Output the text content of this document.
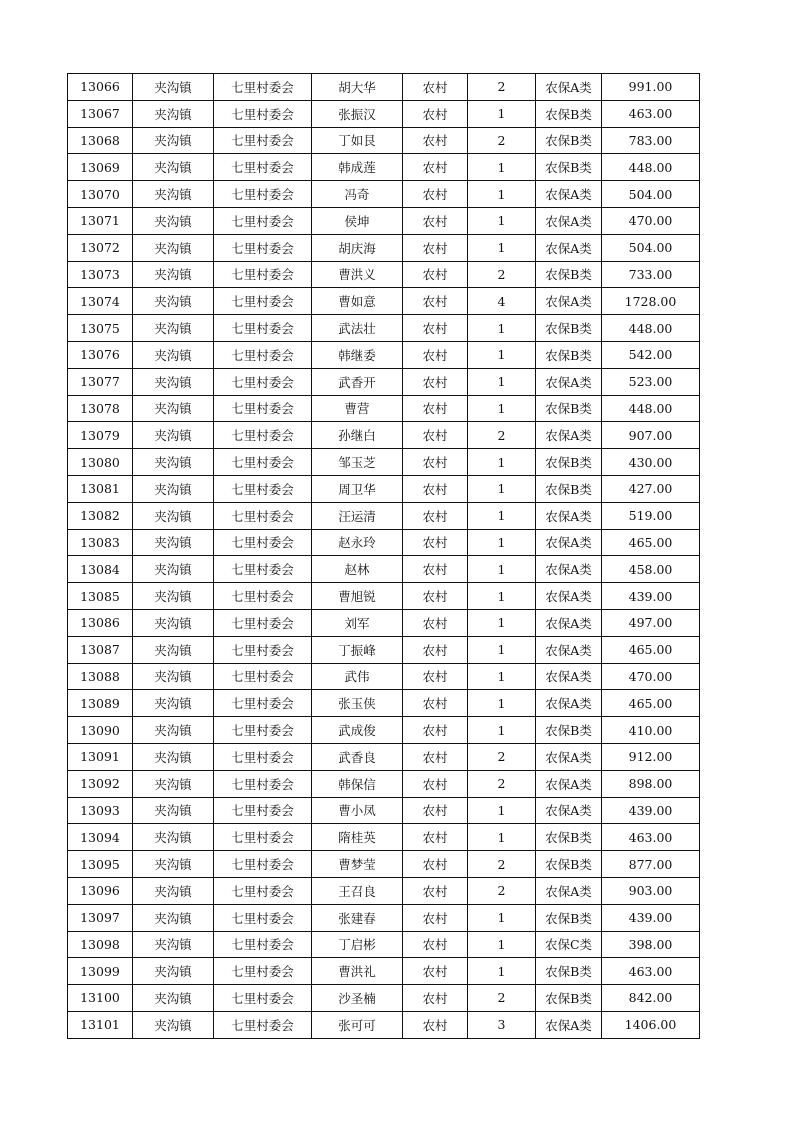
13066	夹沟镇	七里村委会	胡大华	农村	2	农保A类	991.00
13067	夹沟镇	七里村委会	张振汉	农村	1	农保B类	463.00
13068	夹沟镇	七里村委会	丁如艮	农村	2	农保B类	783.00
13069	夹沟镇	七里村委会	韩成莲	农村	1	农保B类	448.00
13070	夹沟镇	七里村委会	冯奇	农村	1	农保A类	504.00
13071	夹沟镇	七里村委会	侯坤	农村	1	农保A类	470.00
13072	夹沟镇	七里村委会	胡庆海	农村	1	农保A类	504.00
13073	夹沟镇	七里村委会	曹洪义	农村	2	农保B类	733.00
13074	夹沟镇	七里村委会	曹如意	农村	4	农保A类	1728.00
13075	夹沟镇	七里村委会	武法壮	农村	1	农保B类	448.00
13076	夹沟镇	七里村委会	韩继委	农村	1	农保B类	542.00
13077	夹沟镇	七里村委会	武香开	农村	1	农保A类	523.00
13078	夹沟镇	七里村委会	曹营	农村	1	农保B类	448.00
13079	夹沟镇	七里村委会	孙继白	农村	2	农保A类	907.00
13080	夹沟镇	七里村委会	邹玉芝	农村	1	农保B类	430.00
13081	夹沟镇	七里村委会	周卫华	农村	1	农保B类	427.00
13082	夹沟镇	七里村委会	汪运清	农村	1	农保A类	519.00
13083	夹沟镇	七里村委会	赵永玲	农村	1	农保A类	465.00
13084	夹沟镇	七里村委会	赵林	农村	1	农保A类	458.00
13085	夹沟镇	七里村委会	曹旭锐	农村	1	农保A类	439.00
13086	夹沟镇	七里村委会	刘军	农村	1	农保A类	497.00
13087	夹沟镇	七里村委会	丁振峰	农村	1	农保A类	465.00
13088	夹沟镇	七里村委会	武伟	农村	1	农保A类	470.00
13089	夹沟镇	七里村委会	张玉侠	农村	1	农保A类	465.00
13090	夹沟镇	七里村委会	武成俊	农村	1	农保B类	410.00
13091	夹沟镇	七里村委会	武香良	农村	2	农保A类	912.00
13092	夹沟镇	七里村委会	韩保信	农村	2	农保A类	898.00
13093	夹沟镇	七里村委会	曹小凤	农村	1	农保A类	439.00
13094	夹沟镇	七里村委会	隋桂英	农村	1	农保B类	463.00
13095	夹沟镇	七里村委会	曹梦莹	农村	2	农保B类	877.00
13096	夹沟镇	七里村委会	王召良	农村	2	农保A类	903.00
13097	夹沟镇	七里村委会	张建春	农村	1	农保B类	439.00
13098	夹沟镇	七里村委会	丁启彬	农村	1	农保C类	398.00
13099	夹沟镇	七里村委会	曹洪礼	农村	1	农保B类	463.00
13100	夹沟镇	七里村委会	沙圣楠	农村	2	农保B类	842.00
13101	夹沟镇	七里村委会	张可可	农村	3	农保A类	1406.00
